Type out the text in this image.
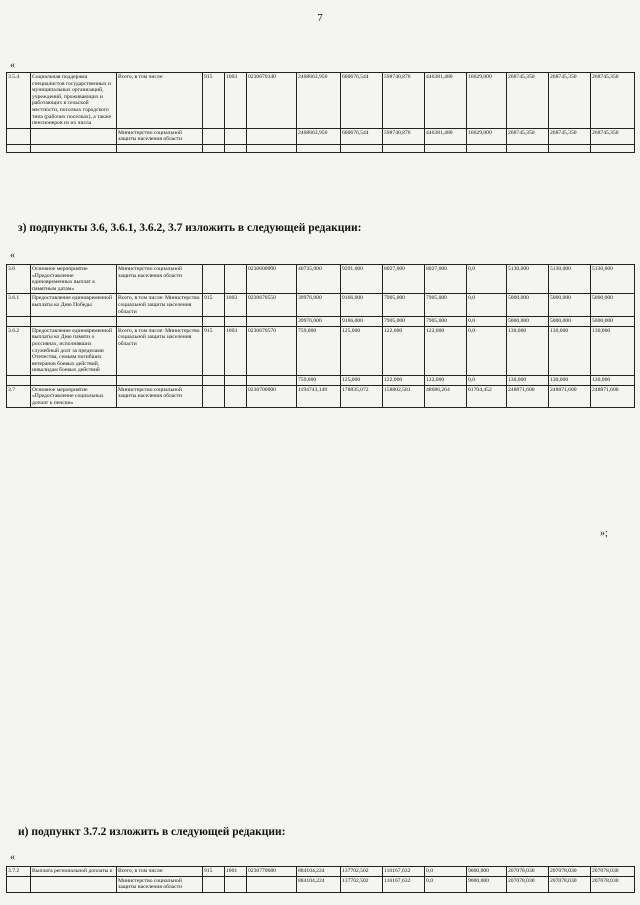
7
«
3.5.4	Социальная поддержка специалистов государственных и муниципальных организаций, учреждений, проживающих и работающих в сельской местности, поселках городского типа (рабочих поселках), а также пенсионеров из их числа	Всего, в том числе:	915	1003	0230670340	2468663,950	600676,544	598740,876	446381,480	16629,000	268745,350	268745,350	268745,350
		Министерство социальной защиты населения области				2468663,950	600676,544	598740,876	446381,480	16629,000	268745,350	268745,350	268745,350

з) подпункты 3.6, 3.6.1, 3.6.2, 3.7 изложить в следующей редакции:
«
3.6	Основное мероприятие «Предоставление единовременных выплат к памятным датам»	Министерство социальной защиты населения области			0230600000	40735,000	9291,000	8027,000	8027,000	0,0	5130,000	5130,000	5130,000
3.6.1	Предоставление единовременной выплаты ко Дню Победы	Всего, в том числе: Министерство социальной защиты населения области	915	1003	0230670550	39976,000	9166,000	7905,000	7905,000	0,0	5000,000	5000,000	5000,000
						39976,000	9166,000	7905,000	7905,000	0,0	5000,000	5000,000	5000,000
3.6.2	Предоставление единовременной выплаты ко Дню памяти о россиянах, исполнявших служебный долг за пределами Отечества, семьям погибших ветеранов боевых действий, инвалидам боевых действий	Всего, в том числе: Министерство социальной защиты населения области	915	1003	0230670570	759,000	125,000	122,000	122,000	0,0	130,000	130,000	130,000
						759,000	125,000	122,000	122,000	0,0	130,000	130,000	130,000
3.7	Основное мероприятие «Предоставление социальных доплат к пенсии»	Министерство социальной защиты населения области			0230700000	1194743,149	178835,072	158802,581	48686,264	61704,452	248871,600	248871,600	248871,600
»;
и) подпункт 3.7.2 изложить в следующей редакции:
«
3.7.2	Выплата региональной доплаты к	Всего, в том числе:	915	1001	0230770680	884104,224	137702,502	116167,632	0,0	9000,000	207078,030	207078,030	207078,030
		Министерство социальной защиты населения области				884104,224	137702,502	116167,632	0,0	9000,000	207078,030	207078,030	207078,030
